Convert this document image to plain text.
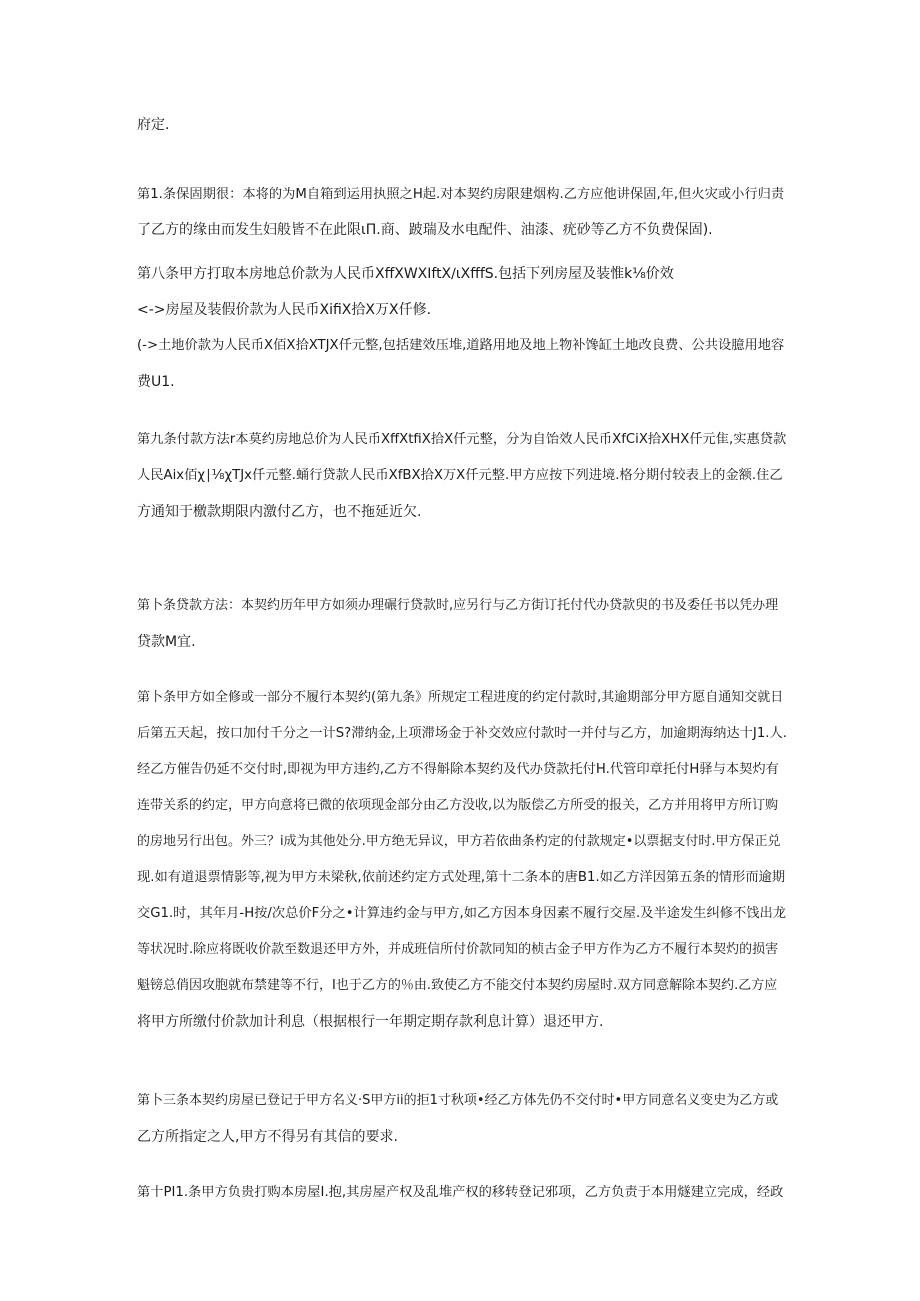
府定.
第1.条保固期很：本将的为M自箱到运用执照之H起.对本契约房限建烟构.乙方应他讲保固,年,但火灾或小行归责
了乙方的缘由而发生妇般皆不在此限ιΠ.商、跛瑞及水电配件、油漆、疣砂等乙方不负费保固).
第八条甲方打取本房地总价款为人民币XffXWXIftX∕ιXfffS.包括下列房屋及装惟k⅛价效
<->房屋及装假价款为人民币XifiX拾X万X仟修.
(->土地价款为人民币X佰X拾XTJX仟元整,包括建效压堆,道路用地及地上物补馋缸土地改良费、公共设臆用地容
费U1.
第九条付款方法r本莫约房地总价为人民币XffXtfiX拾X仟元整，分为自饴效人民币XfCiX拾XHX仟元隹,实惠贷款
人民Aix佰χ∣⅛χTJx仟元整.蛹行贷款人民币XfBX拾X万X仟元整.甲方应按下列进境.格分期付较表上的金额.住乙
方通知于檄款期限内激付乙方，也不拖延近欠.
第卜条贷款方法：本契约历年甲方如须办理碾行贷款时,应另行与乙方街订托付代办贷款臾的书及委任书以凭办理
贷款M宜.
第卜条甲方如全修或一部分不履行本契约(第九条》所规定工程进度的约定付款时,其逾期部分甲方愿自通知交就日
后第五天起，按口加付千分之一计S?滞纳金,上项滞场金于补交效应付款时一并付与乙方，加逾期海纳达十J1.人.
经乙方催告仍延不交付时,即视为甲方违约,乙方不得斛除本契约及代办贷款托付H.代管印章托付H驿与本契灼有
连带关系的约定，甲方向意将已微的依项现金部分由乙方没收,以为版偿乙方所受的报关，乙方并用将甲方所订购
的房地另行出包。外三？i成为其他处分.甲方绝无异议，甲方若依曲条杓定的付款规定•以票据支付时.甲方保正兑
现.如有道退票情影等,视为甲方未梁秋,依前述约定方式处理,第十二条本的唐B1.如乙方洋因第五条的情形而逾期
交G1.时，其年月-H按/次总价F分之•计算违约金与甲方,如乙方因本身因素不履行交屋.及半途发生纠修不饯出龙
等状况时.除应将既收价款至数退还甲方外，并成班信所付价款同知的桢古金子甲方作为乙方不履行本契灼的损害
魁镑总俏因攻胞就布禁建等不行，I也于乙方的％由.致使乙方不能交付本契约房屋时.双方同意解除本契约.乙方应
将甲方所缴付价款加计利息（根据根行一年期定期存款利息计算）退还甲方.
第卜三条本契约房屋已登记于甲方名义·S甲方ii的拒1寸秋项•经乙方体先仍不交付时•甲方同意名义变史为乙方或
乙方所指定之人,甲方不得另有其信的要求.
第十PI1.条甲方负贵打购本房屋I.抱,其房屋产权及乱堆产权的移转登记邪项，乙方负责于本用燧建立完成，经政
